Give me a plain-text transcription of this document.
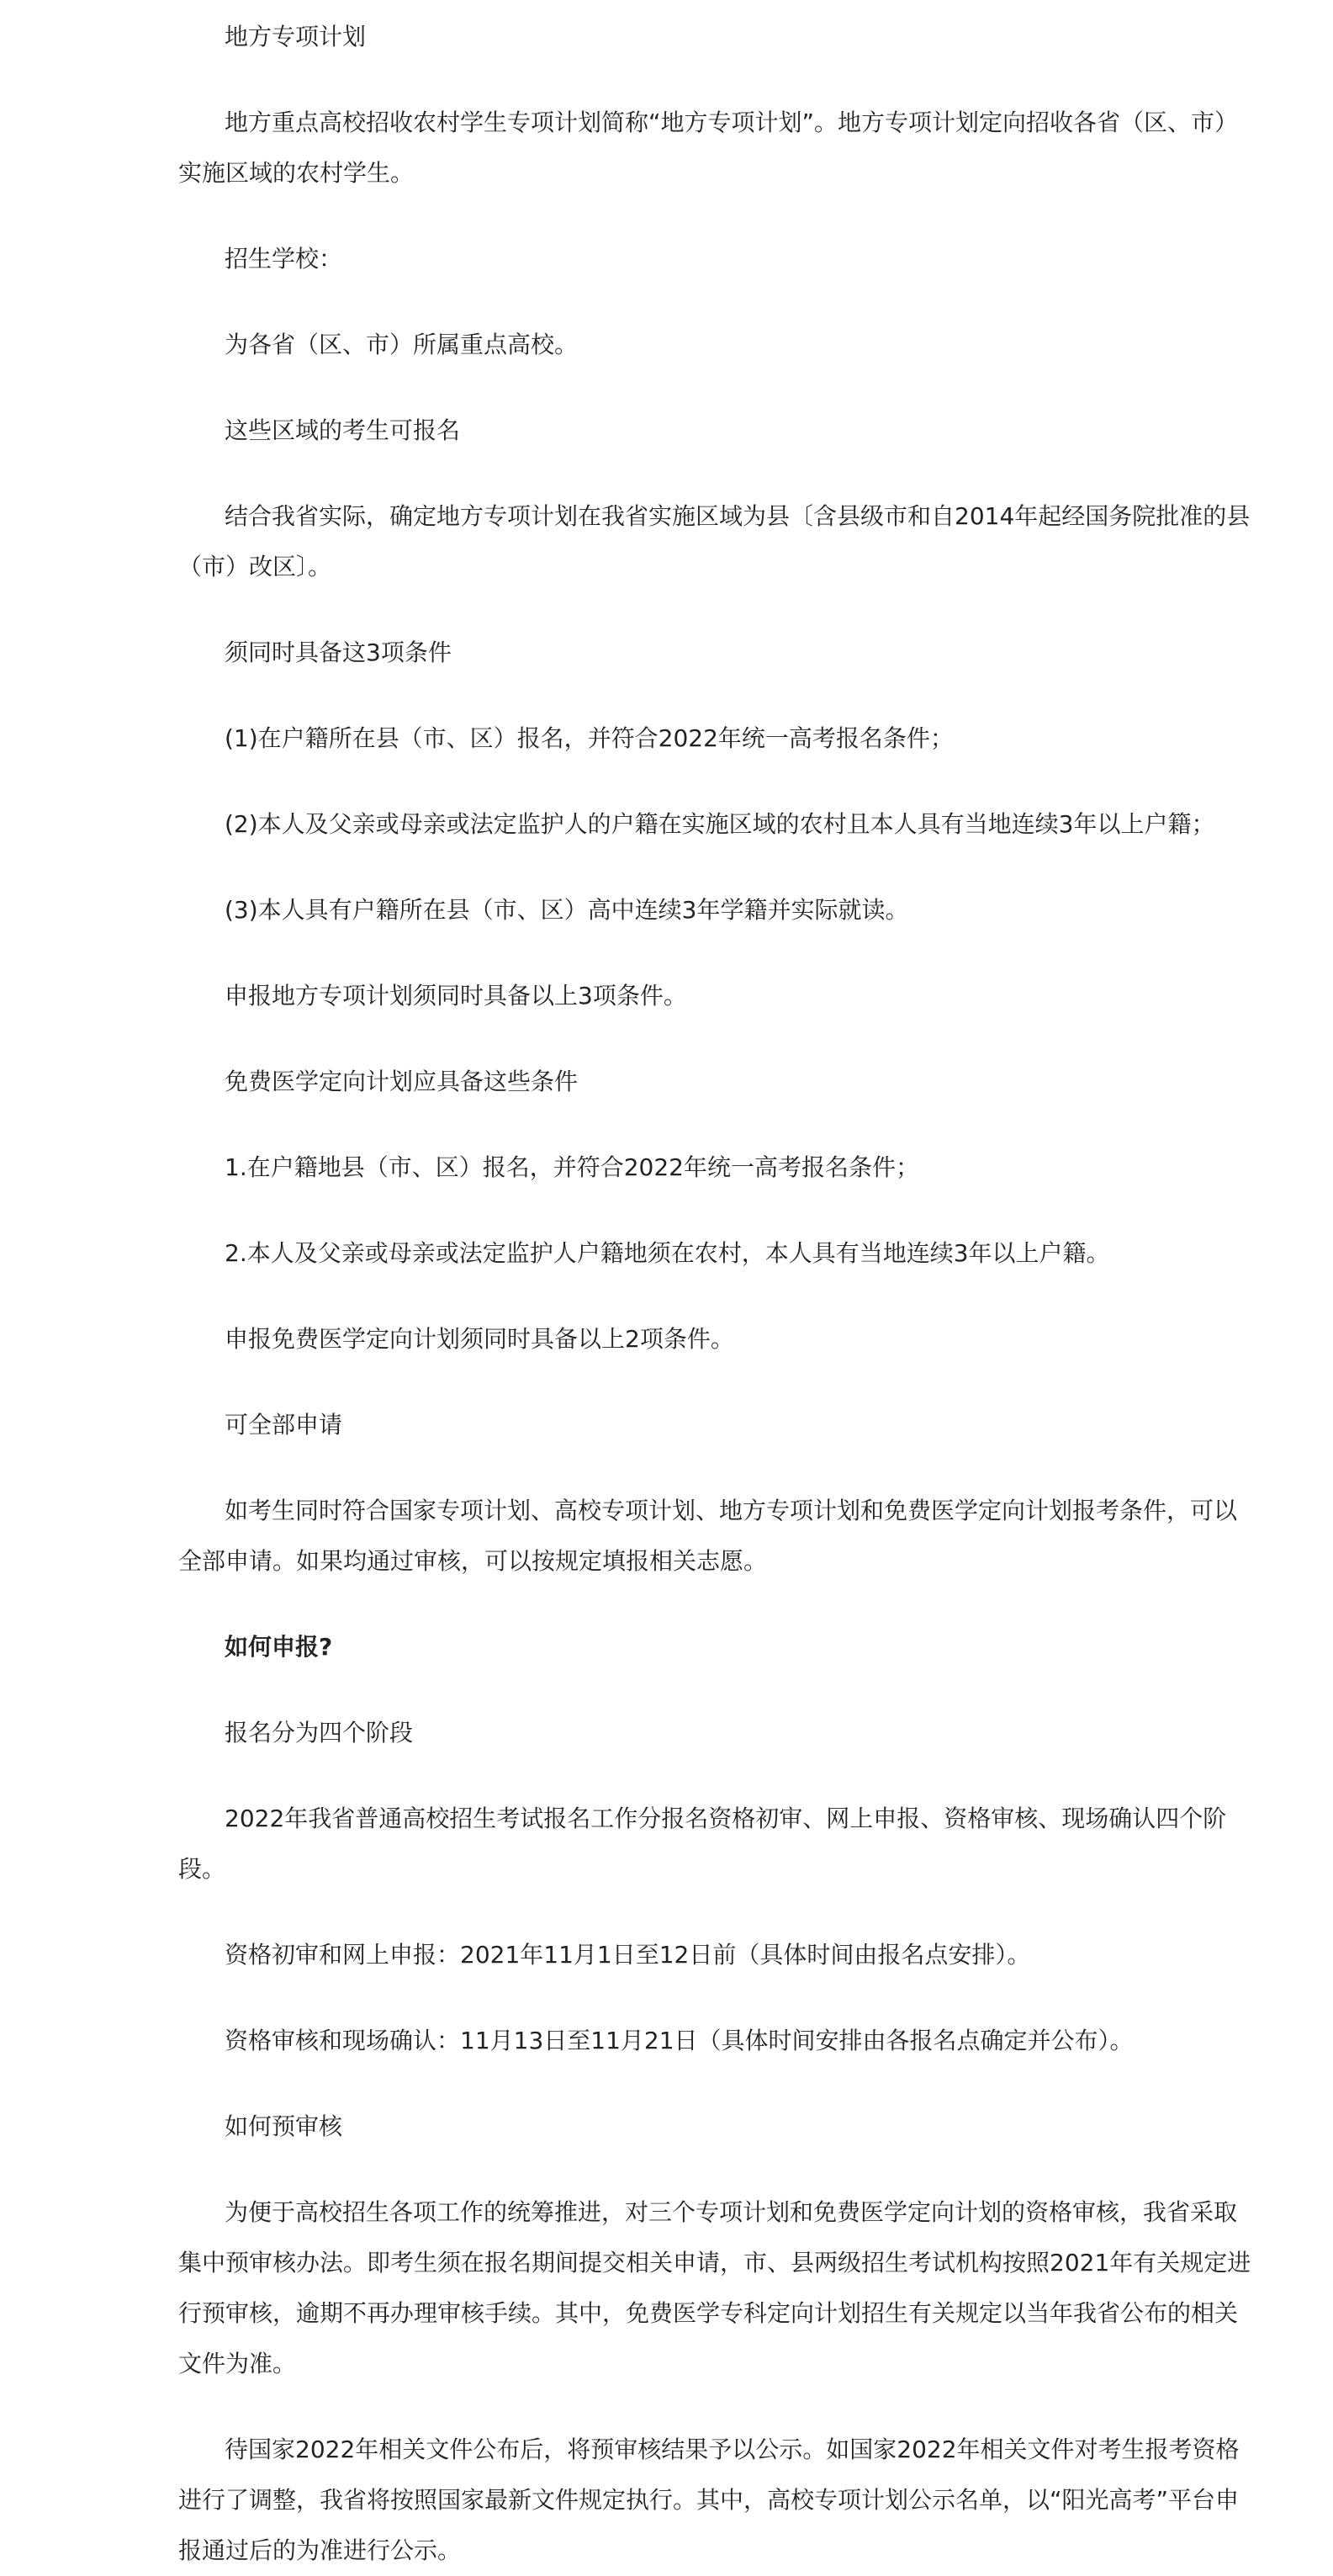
地方专项计划

地方重点高校招收农村学生专项计划简称“地方专项计划”。地方专项计划定向招收各省（区、市）实施区域的农村学生。

招生学校：

为各省（区、市）所属重点高校。

这些区域的考生可报名

结合我省实际，确定地方专项计划在我省实施区域为县〔含县级市和自2014年起经国务院批准的县（市）改区〕。

须同时具备这3项条件

(1)在户籍所在县（市、区）报名，并符合2022年统一高考报名条件；

(2)本人及父亲或母亲或法定监护人的户籍在实施区域的农村且本人具有当地连续3年以上户籍；

(3)本人具有户籍所在县（市、区）高中连续3年学籍并实际就读。

申报地方专项计划须同时具备以上3项条件。

免费医学定向计划应具备这些条件

1.在户籍地县（市、区）报名，并符合2022年统一高考报名条件；

2.本人及父亲或母亲或法定监护人户籍地须在农村，本人具有当地连续3年以上户籍。

申报免费医学定向计划须同时具备以上2项条件。

可全部申请

如考生同时符合国家专项计划、高校专项计划、地方专项计划和免费医学定向计划报考条件，可以全部申请。如果均通过审核，可以按规定填报相关志愿。

如何申报?

报名分为四个阶段

2022年我省普通高校招生考试报名工作分报名资格初审、网上申报、资格审核、现场确认四个阶段。

资格初审和网上申报：2021年11月1日至12日前（具体时间由报名点安排）。

资格审核和现场确认：11月13日至11月21日（具体时间安排由各报名点确定并公布）。

如何预审核

为便于高校招生各项工作的统筹推进，对三个专项计划和免费医学定向计划的资格审核，我省采取集中预审核办法。即考生须在报名期间提交相关申请，市、县两级招生考试机构按照2021年有关规定进行预审核，逾期不再办理审核手续。其中，免费医学专科定向计划招生有关规定以当年我省公布的相关文件为准。

待国家2022年相关文件公布后，将预审核结果予以公示。如国家2022年相关文件对考生报考资格进行了调整，我省将按照国家最新文件规定执行。其中，高校专项计划公示名单，以“阳光高考”平台申报通过后的为准进行公示。
